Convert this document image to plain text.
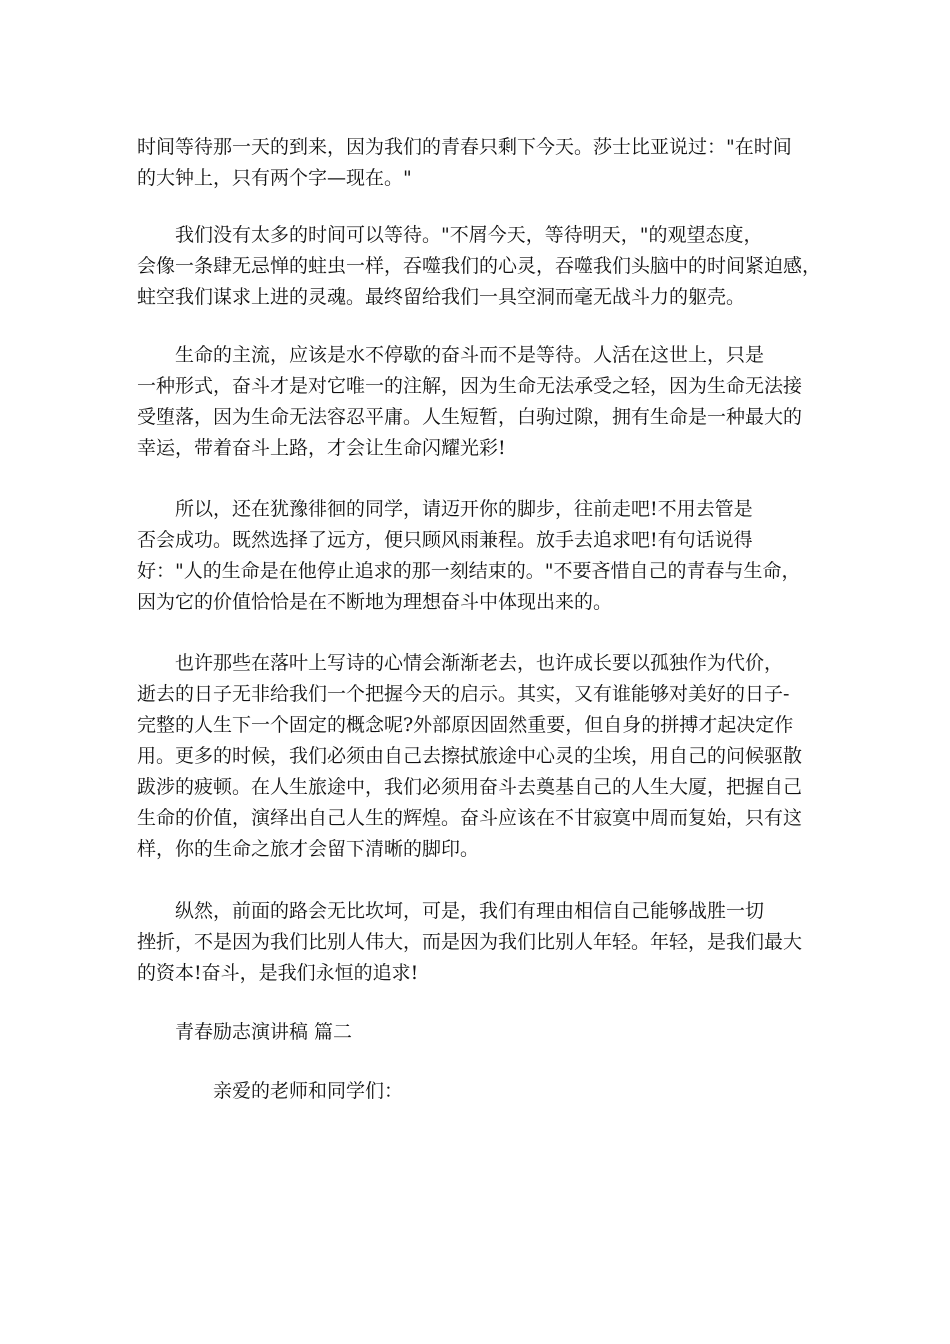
时间等待那一天的到来，因为我们的青春只剩下今天。莎士比亚说过："在时间
的大钟上，只有两个字—现在。"
　　我们没有太多的时间可以等待。"不屑今天，等待明天，"的观望态度，
会像一条肆无忌惮的蛀虫一样，吞噬我们的心灵，吞噬我们头脑中的时间紧迫感，
蛀空我们谋求上进的灵魂。最终留给我们一具空洞而毫无战斗力的躯壳。
　　生命的主流，应该是水不停歇的奋斗而不是等待。人活在这世上，只是
一种形式，奋斗才是对它唯一的注解，因为生命无法承受之轻，因为生命无法接
受堕落，因为生命无法容忍平庸。人生短暂，白驹过隙，拥有生命是一种最大的
幸运，带着奋斗上路，才会让生命闪耀光彩!
　　所以，还在犹豫徘徊的同学，请迈开你的脚步，往前走吧!不用去管是
否会成功。既然选择了远方，便只顾风雨兼程。放手去追求吧!有句话说得
好："人的生命是在他停止追求的那一刻结束的。"不要吝惜自己的青春与生命，
因为它的价值恰恰是在不断地为理想奋斗中体现出来的。
　　也许那些在落叶上写诗的心情会渐渐老去，也许成长要以孤独作为代价，
逝去的日子无非给我们一个把握今天的启示。其实，又有谁能够对美好的日子-
完整的人生下一个固定的概念呢?外部原因固然重要，但自身的拼搏才起决定作
用。更多的时候，我们必须由自己去擦拭旅途中心灵的尘埃，用自己的问候驱散
跋涉的疲顿。在人生旅途中，我们必须用奋斗去奠基自己的人生大厦，把握自己
生命的价值，演绎出自己人生的辉煌。奋斗应该在不甘寂寞中周而复始，只有这
样，你的生命之旅才会留下清晰的脚印。
　　纵然，前面的路会无比坎坷，可是，我们有理由相信自己能够战胜一切
挫折，不是因为我们比别人伟大，而是因为我们比别人年轻。年轻，是我们最大
的资本!奋斗，是我们永恒的追求!
青春励志演讲稿 篇二
亲爱的老师和同学们：
